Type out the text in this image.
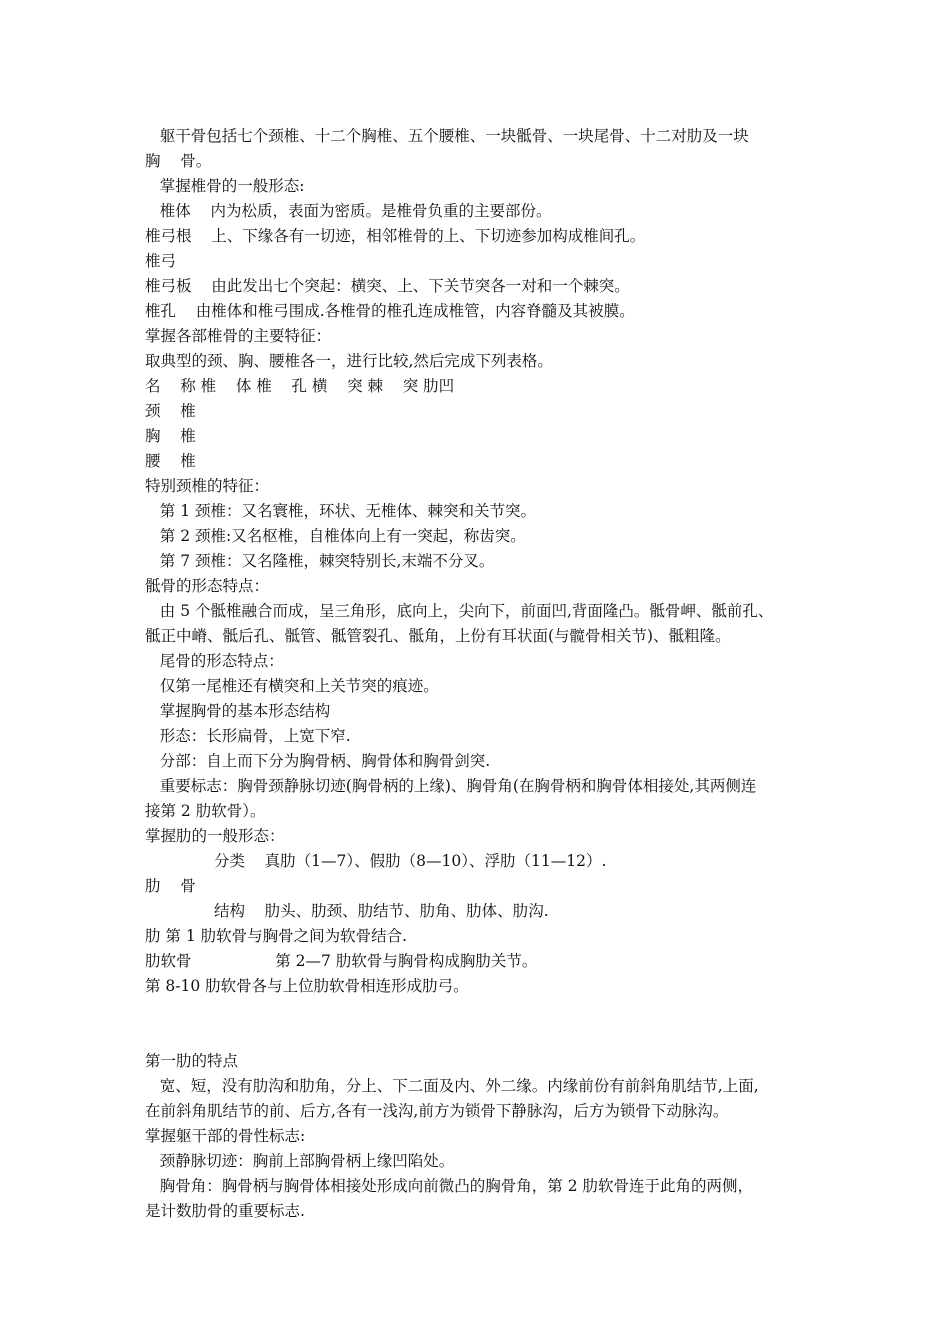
躯干骨包括七个颈椎、十二个胸椎、五个腰椎、一块骶骨、一块尾骨、十二对肋及一块
胸    骨。
掌握椎骨的一般形态:
椎体    内为松质，表面为密质。是椎骨负重的主要部份。
椎弓根    上、下缘各有一切迹，相邻椎骨的上、下切迹参加构成椎间孔。
椎弓
椎弓板    由此发出七个突起：横突、上、下关节突各一对和一个棘突。
椎孔    由椎体和椎弓围成.各椎骨的椎孔连成椎管，内容脊髓及其被膜。
掌握各部椎骨的主要特征：
取典型的颈、胸、腰椎各一，进行比较,然后完成下列表格。
名    称 椎    体 椎    孔 横    突 棘    突 肋凹
颈    椎
胸    椎
腰    椎
特别颈椎的特征：
第 1 颈椎：又名寰椎，环状、无椎体、棘突和关节突。
第 2 颈椎:又名枢椎，自椎体向上有一突起，称齿突。
第 7 颈椎：又名隆椎，棘突特别长,末端不分叉。
骶骨的形态特点：
由 5 个骶椎融合而成，呈三角形，底向上，尖向下，前面凹,背面隆凸。骶骨岬、骶前孔、
骶正中嵴、骶后孔、骶管、骶管裂孔、骶角，上份有耳状面(与髋骨相关节)、骶粗隆。
尾骨的形态特点：
仅第一尾椎还有横突和上关节突的痕迹。
掌握胸骨的基本形态结构
形态：长形扁骨，上宽下窄.
分部：自上而下分为胸骨柄、胸骨体和胸骨剑突.
重要标志：胸骨颈静脉切迹(胸骨柄的上缘)、胸骨角(在胸骨柄和胸骨体相接处,其两侧连
接第 2 肋软骨）。
掌握肋的一般形态：
分类    真肋（1—7）、假肋（8—10）、浮肋（11—12）.
肋    骨
结构    肋头、肋颈、肋结节、肋角、肋体、肋沟.
肋 第 1 肋软骨与胸骨之间为软骨结合.
肋软骨                 第 2—7 肋软骨与胸骨构成胸肋关节。
第 8-10 肋软骨各与上位肋软骨相连形成肋弓。
第一肋的特点
宽、短，没有肋沟和肋角，分上、下二面及内、外二缘。内缘前份有前斜角肌结节,上面,
在前斜角肌结节的前、后方,各有一浅沟,前方为锁骨下静脉沟，后方为锁骨下动脉沟。
掌握躯干部的骨性标志:
颈静脉切迹：胸前上部胸骨柄上缘凹陷处。
胸骨角：胸骨柄与胸骨体相接处形成向前微凸的胸骨角，第 2 肋软骨连于此角的两侧，
是计数肋骨的重要标志.
